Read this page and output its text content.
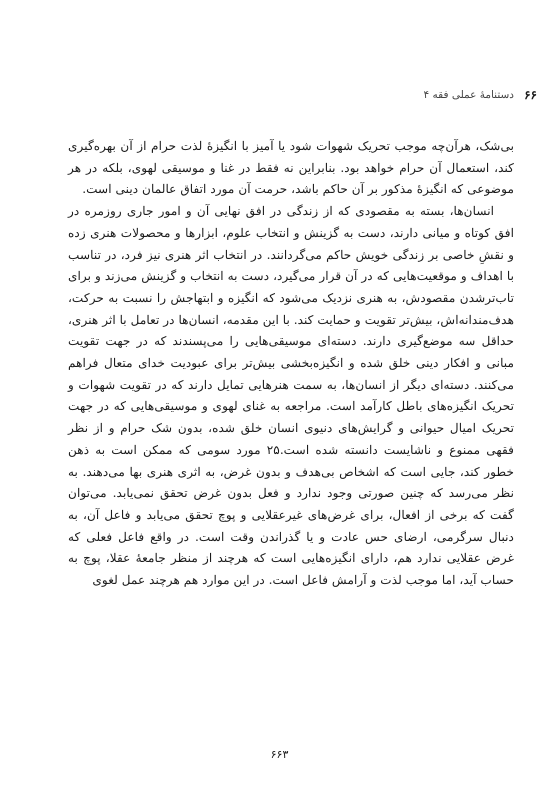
۶۶
دستنامهٔ عملی فقه ۴

بی‌شک، هرآن‌چه موجب تحریک شهوات شود یا آمیز با انگیزهٔ لذت حرام از آن بهره‌گیری کند، استعمال آن حرام خواهد بود. بنابراین نه فقط در غنا و موسیقی لهوی، بلکه در هر موضوعی که انگیزهٔ مذکور بر آن حاکم باشد، حرمت آن مورد اتفاق عالمان دینی است.

انسان‌ها، بسته به مقصودی که از زندگی در افق نهایی آن و امور جاری روزمره در افق کوتاه و میانی دارند، دست به گزینش و انتخاب علوم، ابزارها و محصولات هنری زده و نقشِ خاصی بر زندگی خویش حاکم می‌گردانند. در انتخاب اثر هنری نیز فرد، در تناسب با اهداف و موقعیت‌هایی که در آن قرار می‌گیرد، دست به انتخاب و گزینش می‌زند و برای تاب‌ترشدن مقصودش، به هنری نزدیک می‌شود که انگیزه و ابتهاجش را نسبت به حرکت، هدف‌مندانه‌اش، بیش‌تر تقویت و حمایت کند. با این مقدمه، انسان‌ها در تعامل با اثر هنری، حداقل سه موضع‌گیری دارند. دسته‌ای موسیقی‌هایی را می‌پسندند که در جهت تقویت مبانی و افکار دینی خلق شده و انگیزه‌بخشی بیش‌تر برای عبودیت خدای متعال فراهم می‌کنند. دسته‌ای دیگر از انسان‌ها، به سمت هنرهایی تمایل دارند که در تقویت شهوات و تحریک انگیزه‌های باطل کارآمد است. مراجعه به غنای لهوی و موسیقی‌هایی که در جهت تحریک امیال حیوانی و گرایش‌های دنیوی انسان خلق شده، بدون شک حرام و از نظر فقهی ممنوع و ناشایست دانسته شده است.۲۵ مورد سومی که ممکن است به ذهن خطور کند، جایی است که اشخاص بی‌هدف و بدون غرض، به اثری هنری بها می‌دهند. به نظر می‌رسد که چنین صورتی وجود ندارد و فعل بدون غرض تحقق نمی‌یابد. می‌توان گفت که برخی از افعال، برای غرض‌های غیرعقلایی و پوچ تحقق می‌یابد و فاعل آن، به دنبال سرگرمی، ارضای حس عادت و یا گذراندن وقت است. در واقع فاعل فعلی که غرض عقلایی ندارد هم، دارای انگیزه‌هایی است که هرچند از منظر جامعهٔ عقلا، پوچ به حساب آید، اما موجب لذت و آرامش فاعل است. در این موارد هم هرچند عمل لغوی

۶۶۳
